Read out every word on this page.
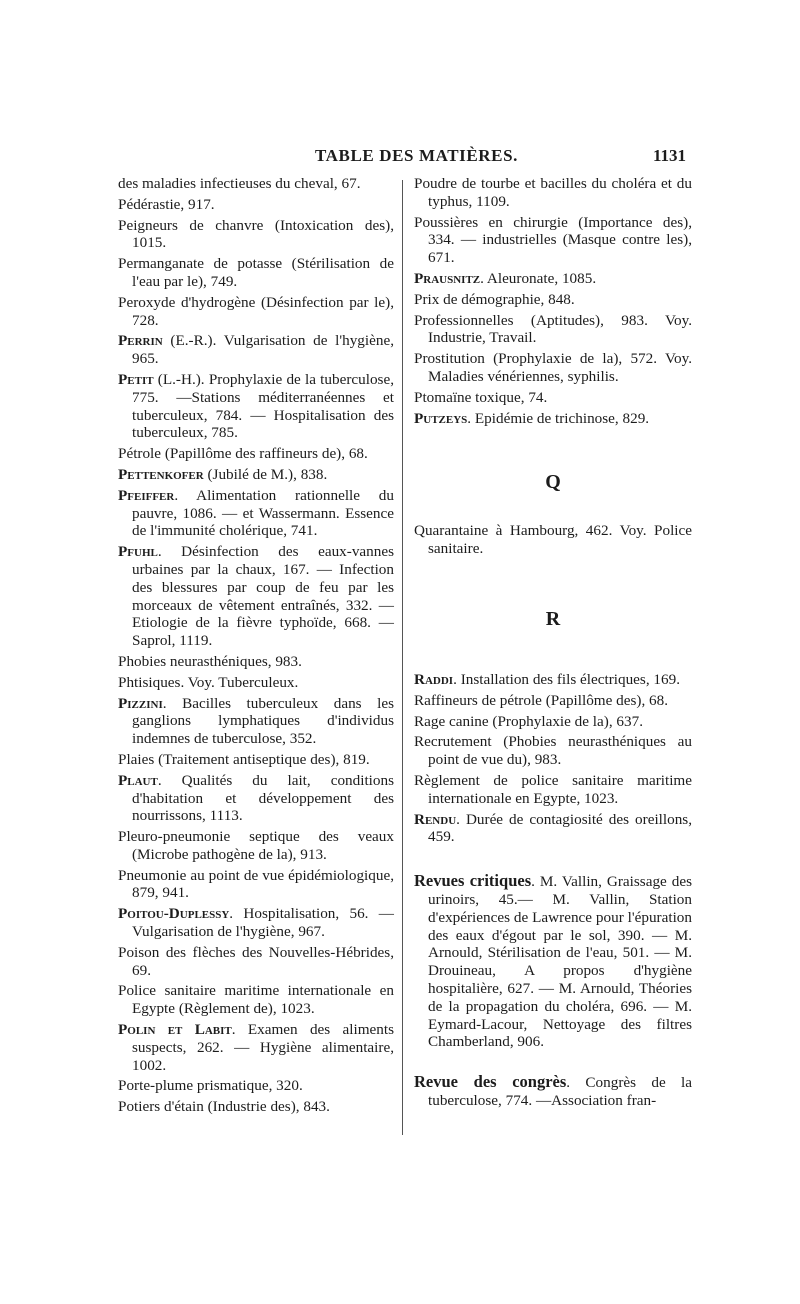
TABLE DES MATIÈRES.	1131
des maladies infectieuses du cheval, 67.
Pédérastie, 917.
Peigneurs de chanvre (Intoxication des), 1015.
Permanganate de potasse (Stérilisation de l'eau par le), 749.
Peroxyde d'hydrogène (Désinfection par le), 728.
Perrin (E.-R.). Vulgarisation de l'hygiène, 965.
Petit (L.-H.). Prophylaxie de la tuberculose, 775. —Stations méditerranéennes et tuberculeux, 784. — Hospitalisation des tuberculeux, 785.
Pétrole (Papillôme des raffineurs de), 68.
Pettenkofer (Jubilé de M.), 838.
Pfeiffer. Alimentation rationnelle du pauvre, 1086. — et Wassermann. Essence de l'immunité cholérique, 741.
Pfuhl. Désinfection des eaux-vannes urbaines par la chaux, 167. — Infection des blessures par coup de feu par les morceaux de vêtement entraînés, 332. —Etiologie de la fièvre typhoïde, 668. — Saprol, 1119.
Phobies neurasthéniques, 983.
Phtisiques. Voy. Tuberculeux.
Pizzini. Bacilles tuberculeux dans les ganglions lymphatiques d'individus indemnes de tuberculose, 352.
Plaies (Traitement antiseptique des), 819.
Plaut. Qualités du lait, conditions d'habitation et développement des nourrissons, 1113.
Pleuro-pneumonie septique des veaux (Microbe pathogène de la), 913.
Pneumonie au point de vue épidémiologique, 879, 941.
Poitou-Duplessy. Hospitalisation, 56. — Vulgarisation de l'hygiène, 967.
Poison des flèches des Nouvelles-Hébrides, 69.
Police sanitaire maritime internationale en Egypte (Règlement de), 1023.
Polin et Labit. Examen des aliments suspects, 262. — Hygiène alimentaire, 1002.
Porte-plume prismatique, 320.
Potiers d'étain (Industrie des), 843.
Poudre de tourbe et bacilles du choléra et du typhus, 1109.
Poussières en chirurgie (Importance des), 334. — industrielles (Masque contre les), 671.
Prausnitz. Aleuronate, 1085.
Prix de démographie, 848.
Professionnelles (Aptitudes), 983. Voy. Industrie, Travail.
Prostitution (Prophylaxie de la), 572. Voy. Maladies vénériennes, syphilis.
Ptomaïne toxique, 74.
Putzeys. Epidémie de trichinose, 829.
Q
Quarantaine à Hambourg, 462. Voy. Police sanitaire.
R
Raddi. Installation des fils électriques, 169.
Raffineurs de pétrole (Papillôme des), 68.
Rage canine (Prophylaxie de la), 637.
Recrutement (Phobies neurasthéniques au point de vue du), 983.
Règlement de police sanitaire maritime internationale en Egypte, 1023.
Rendu. Durée de contagiosité des oreillons, 459.
Revues critiques. M. Vallin, Graissage des urinoirs, 45.— M. Vallin, Station d'expériences de Lawrence pour l'épuration des eaux d'égout par le sol, 390. — M. Arnould, Stérilisation de l'eau, 501. — M. Drouineau, A propos d'hygiène hospitalière, 627. — M. Arnould, Théories de la propagation du choléra, 696. — M. Eymard-Lacour, Nettoyage des filtres Chamberland, 906.
Revue des congrès. Congrès de la tuberculose, 774. —Association fran-
